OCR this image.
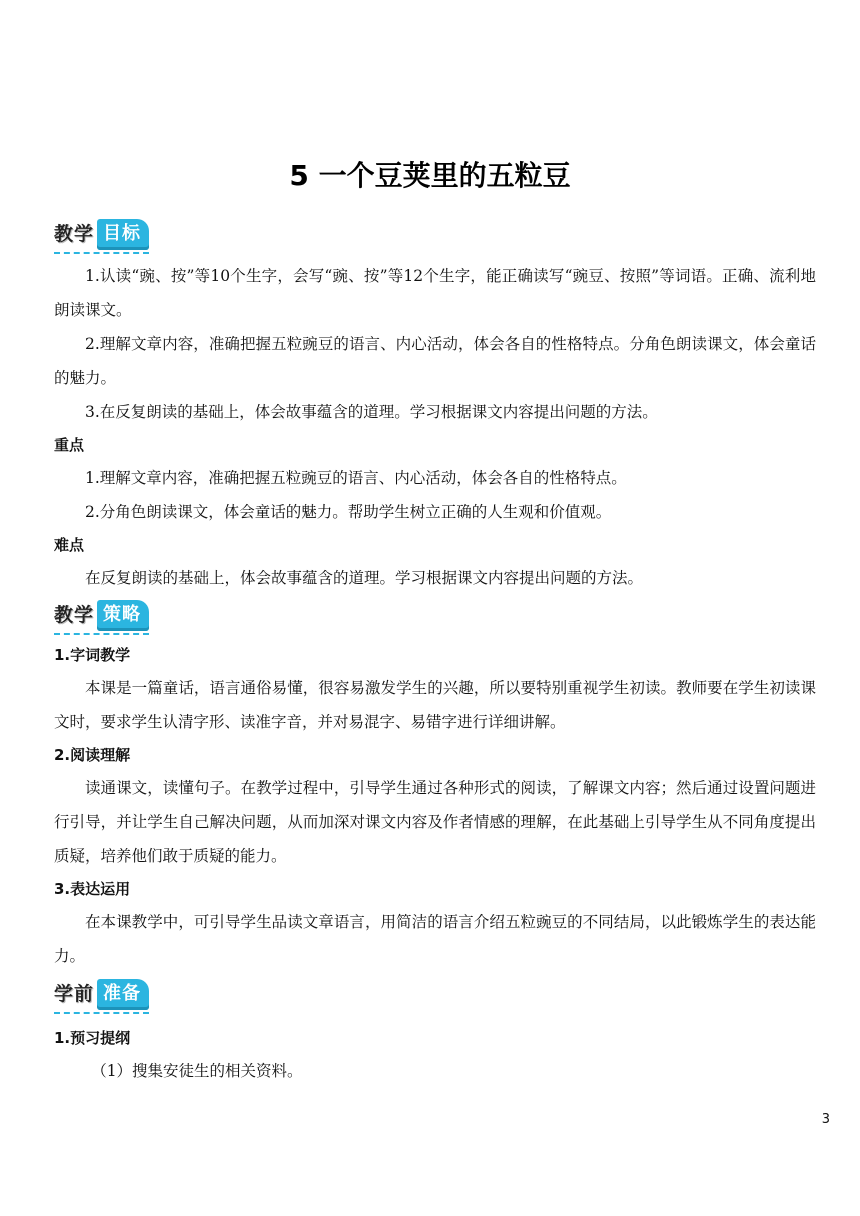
5 一个豆荚里的五粒豆
教学 目标

1.认读“豌、按”等10个生字，会写“豌、按”等12个生字，能正确读写“豌豆、按照”等词语。正确、流利地朗读课文。

2.理解文章内容，准确把握五粒豌豆的语言、内心活动，体会各自的性格特点。分角色朗读课文，体会童话的魅力。

3.在反复朗读的基础上，体会故事蕴含的道理。学习根据课文内容提出问题的方法。

重点

1.理解文章内容，准确把握五粒豌豆的语言、内心活动，体会各自的性格特点。

2.分角色朗读课文，体会童话的魅力。帮助学生树立正确的人生观和价值观。

难点

在反复朗读的基础上，体会故事蕴含的道理。学习根据课文内容提出问题的方法。

教学 策略
1.字词教学

本课是一篇童话，语言通俗易懂，很容易激发学生的兴趣，所以要特别重视学生初读。教师要在学生初读课文时，要求学生认清字形、读准字音，并对易混字、易错字进行详细讲解。

2.阅读理解

读通课文，读懂句子。在教学过程中，引导学生通过各种形式的阅读，了解课文内容；然后通过设置问题进行引导，并让学生自己解决问题，从而加深对课文内容及作者情感的理解，在此基础上引导学生从不同角度提出质疑，培养他们敢于质疑的能力。

3.表达运用

在本课教学中，可引导学生品读文章语言，用简洁的语言介绍五粒豌豆的不同结局，以此锻炼学生的表达能力。

学前 准备
1.预习提纲

（1）搜集安徒生的相关资料。

3
